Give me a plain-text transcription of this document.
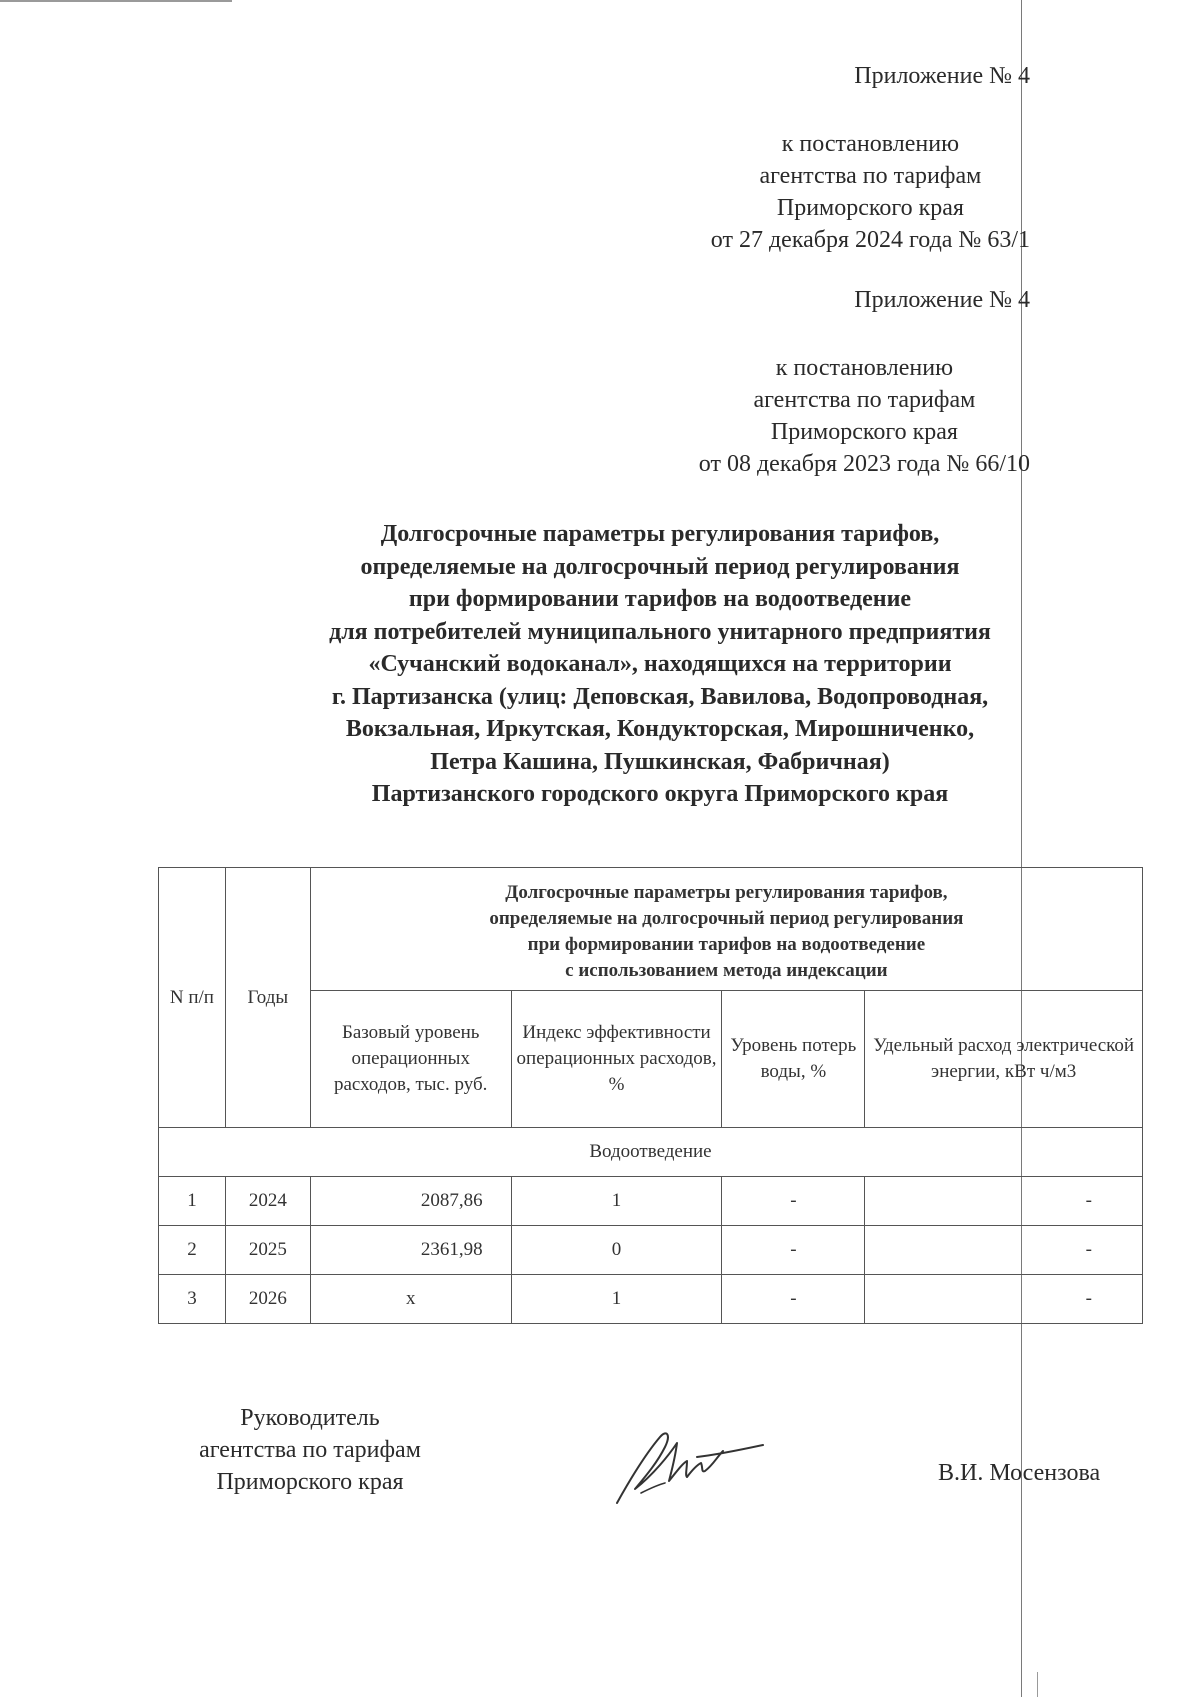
Приложение № 4
к постановлению
агентства по тарифам
Приморского края
от 27 декабря 2024 года № 63/1
Приложение № 4
к постановлению
агентства по тарифам
Приморского края
от 08 декабря 2023 года № 66/10
Долгосрочные параметры регулирования тарифов,
определяемые на долгосрочный период регулирования
при формировании тарифов на водоотведение
для потребителей муниципального унитарного предприятия
«Сучанский водоканал», находящихся на территории
г. Партизанска (улиц: Деповская, Вавилова, Водопроводная,
Вокзальная, Иркутская, Кондукторская, Мирошниченко,
Петра Кашина, Пушкинская, Фабричная)
Партизанского городского округа Приморского края
N п/п	Годы	Долгосрочные параметры регулирования тарифов,
определяемые на долгосрочный период регулирования
при формировании тарифов на водоотведение
с использованием метода индексации			

		Базовый уровень операционных расходов, тыс. руб.	Индекс эффективности операционных расходов, %	Уровень потерь воды, %	Удельный расход электрической энергии, кВт ч/м3
Водоотведение					
1	2024	2087,86	1	-	-
2	2025	2361,98	0	-	-
3	2026	х	1	-	-
Руководитель
агентства по тарифам
Приморского края	В.И. Мосензова
